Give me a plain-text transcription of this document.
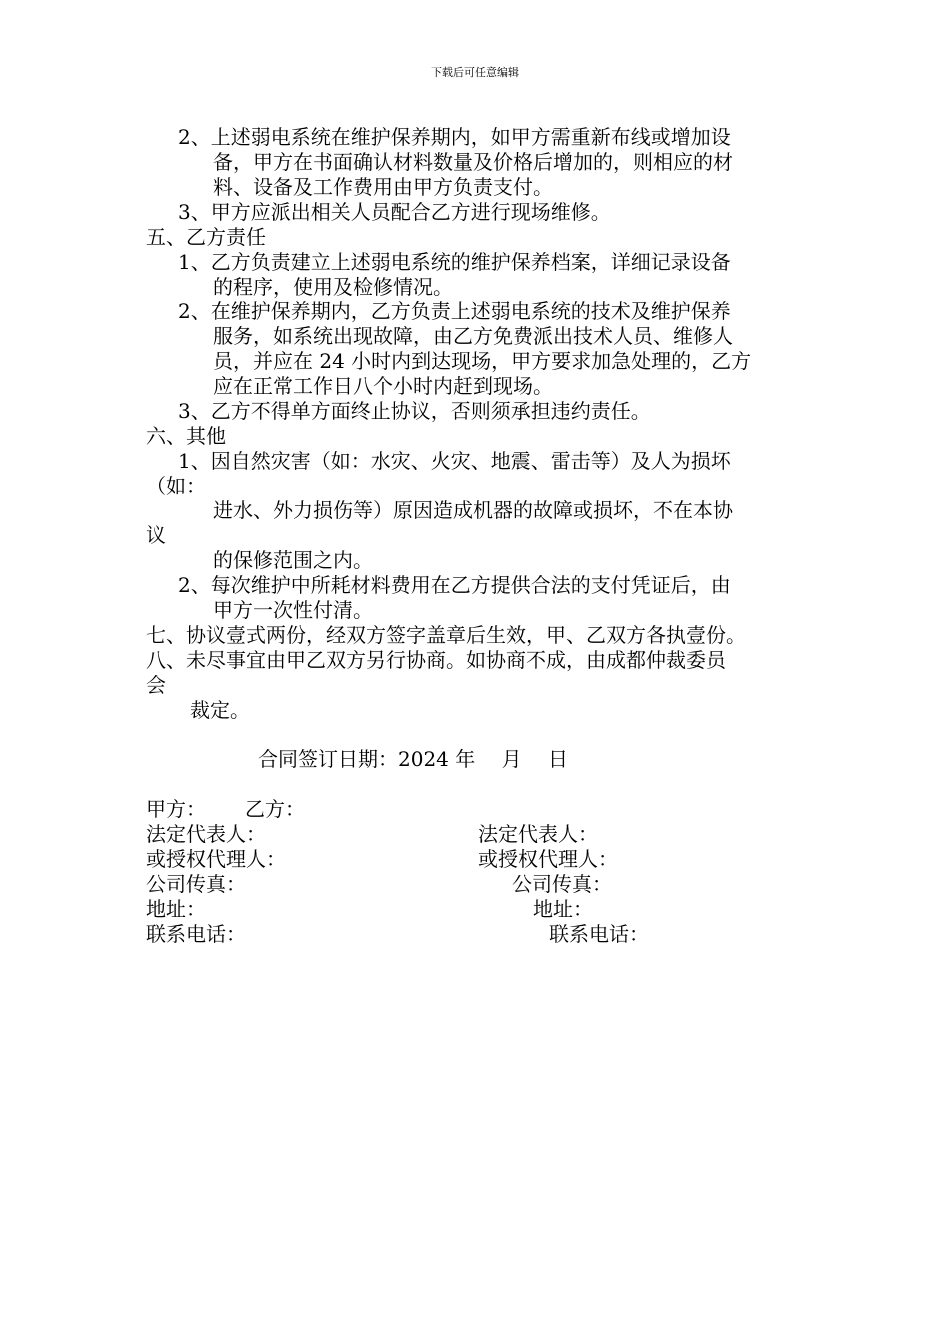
下载后可任意编辑
2、上述弱电系统在维护保养期内，如甲方需重新布线或增加设
备，甲方在书面确认材料数量及价格后增加的，则相应的材
料、设备及工作费用由甲方负责支付。
3、甲方应派出相关人员配合乙方进行现场维修。
五、乙方责任
1、乙方负责建立上述弱电系统的维护保养档案，详细记录设备
的程序，使用及检修情况。
2、在维护保养期内，乙方负责上述弱电系统的技术及维护保养
服务，如系统出现故障，由乙方免费派出技术人员、维修人
员，并应在 24 小时内到达现场，甲方要求加急处理的，乙方
应在正常工作日八个小时内赶到现场。
3、乙方不得单方面终止协议，否则须承担违约责任。
六、其他
1、因自然灾害（如：水灾、火灾、地震、雷击等）及人为损坏
（如：
进水、外力损伤等）原因造成机器的故障或损坏，不在本协
议
的保修范围之内。
2、每次维护中所耗材料费用在乙方提供合法的支付凭证后，由
甲方一次性付清。
七、协议壹式两份，经双方签字盖章后生效，甲、乙双方各执壹份。
八、未尽事宜由甲乙双方另行协商。如协商不成，由成都仲裁委员
会
裁定。
合同签订日期：2024 年　 月　 日
甲方： 乙方：
法定代表人：
或授权代理人：
公司传真：
地址：
联系电话：
法定代表人：
或授权代理人：
公司传真：
地址：
联系电话：
